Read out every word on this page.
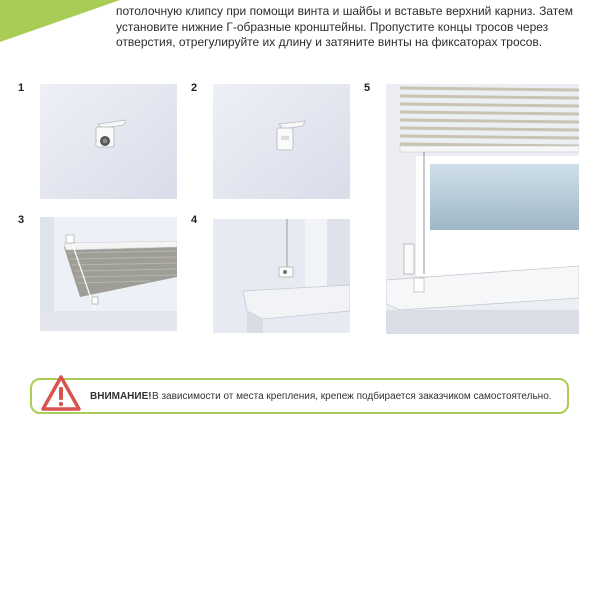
потолочную клипсу при помощи винта и шайбы и вставьте верхний карниз. Затем
установите нижние Г-образные кронштейны. Пропустите концы тросов через
отверстия, отрегулируйте их длину и затяните винты на фиксаторах тросов.
1	2
3	4
5
ВНИМАНИЕ! В зависимости от места крепления, крепеж подбирается заказчиком самостоятельно.
